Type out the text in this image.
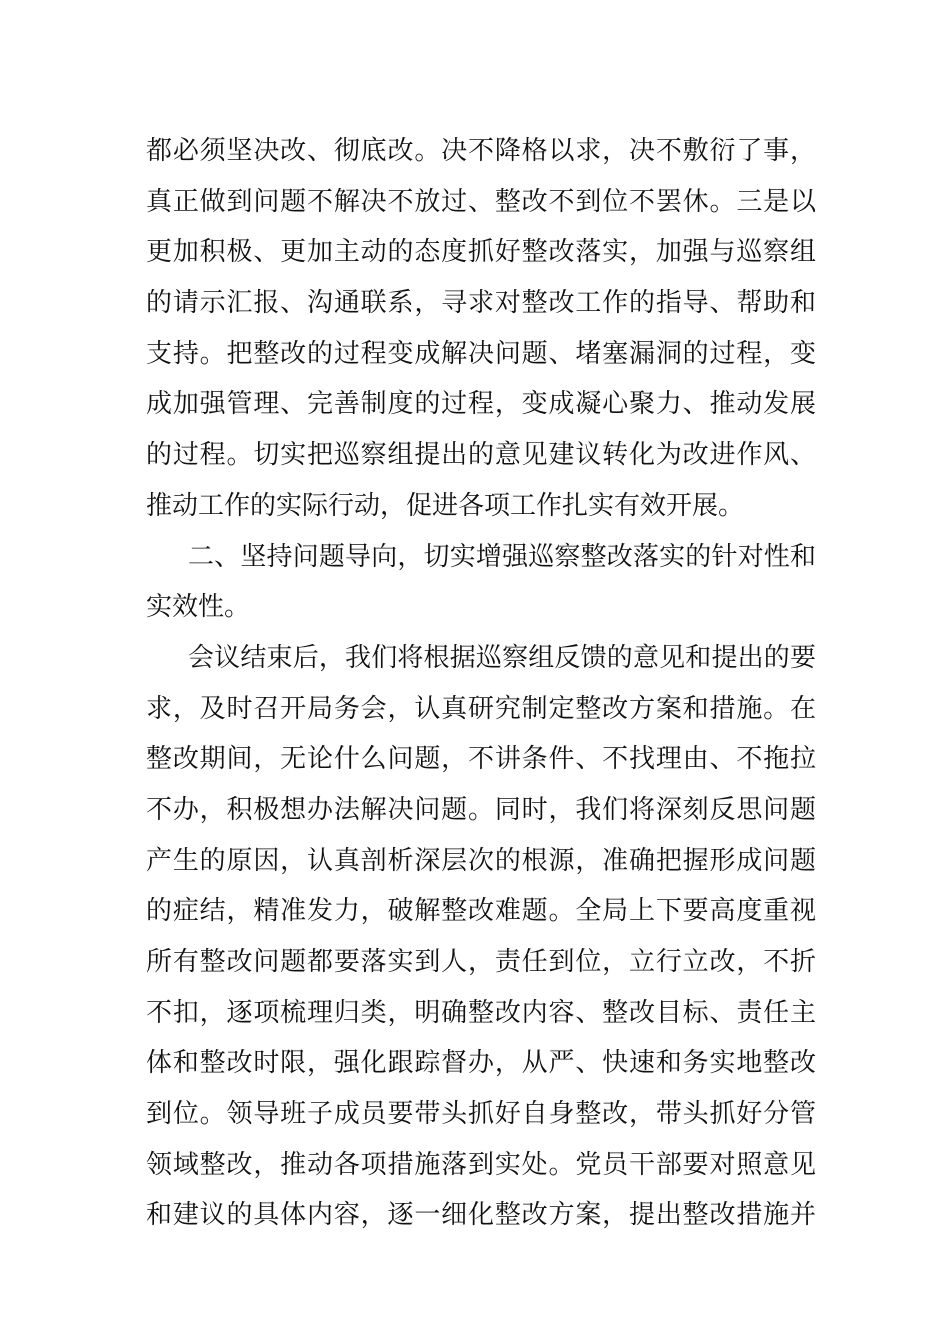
都必须坚决改、彻底改。决不降格以求，决不敷衍了事，
真正做到问题不解决不放过、整改不到位不罢休。三是以
更加积极、更加主动的态度抓好整改落实，加强与巡察组
的请示汇报、沟通联系，寻求对整改工作的指导、帮助和
支持。把整改的过程变成解决问题、堵塞漏洞的过程，变
成加强管理、完善制度的过程，变成凝心聚力、推动发展
的过程。切实把巡察组提出的意见建议转化为改进作风、
推动工作的实际行动，促进各项工作扎实有效开展。
二、坚持问题导向，切实增强巡察整改落实的针对性和
实效性。
会议结束后，我们将根据巡察组反馈的意见和提出的要
求，及时召开局务会，认真研究制定整改方案和措施。在
整改期间，无论什么问题，不讲条件、不找理由、不拖拉
不办，积极想办法解决问题。同时，我们将深刻反思问题
产生的原因，认真剖析深层次的根源，准确把握形成问题
的症结，精准发力，破解整改难题。全局上下要高度重视
所有整改问题都要落实到人，责任到位，立行立改，不折
不扣，逐项梳理归类，明确整改内容、整改目标、责任主
体和整改时限，强化跟踪督办，从严、快速和务实地整改
到位。领导班子成员要带头抓好自身整改，带头抓好分管
领域整改，推动各项措施落到实处。党员干部要对照意见
和建议的具体内容，逐一细化整改方案，提出整改措施并
